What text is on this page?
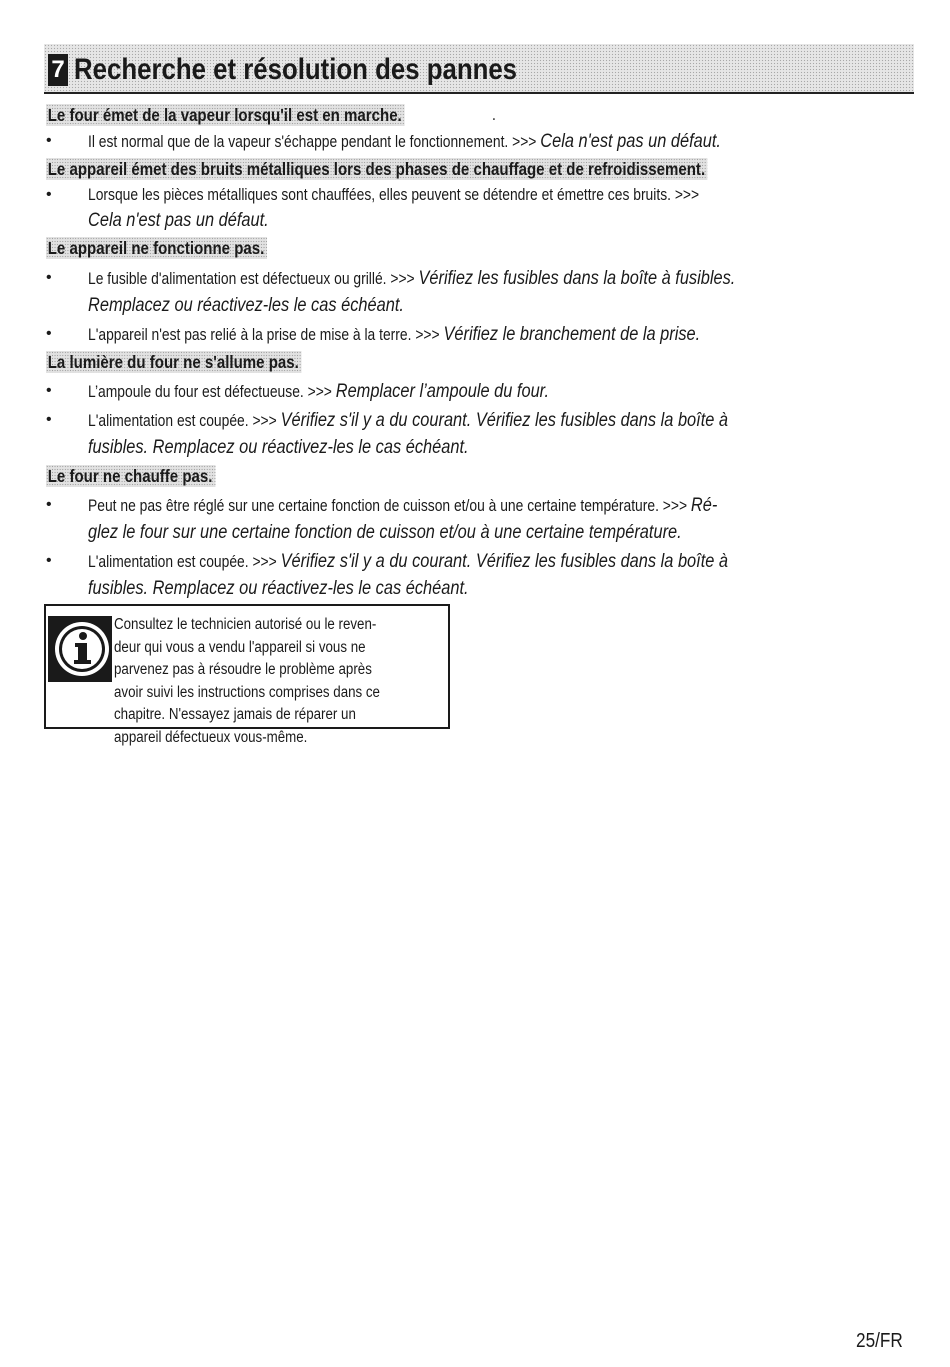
7 Recherche et résolution des pannes
Le four émet de la vapeur lorsqu'il est en marche.	.
• Il est normal que de la vapeur s'échappe pendant le fonctionnement. >>> Cela n'est pas un défaut.
Le appareil émet des bruits métalliques lors des phases de chauffage et de refroidissement.
• Lorsque les pièces métalliques sont chauffées, elles peuvent se détendre et émettre ces bruits. >>>
Cela n'est pas un défaut.
Le appareil ne fonctionne pas.
• Le fusible d'alimentation est défectueux ou grillé. >>> Vérifiez les fusibles dans la boîte à fusibles.
Remplacez ou réactivez-les le cas échéant.
• L'appareil n'est pas relié à la prise de mise à la terre. >>> Vérifiez le branchement de la prise.
La lumière du four ne s'allume pas.
• L’ampoule du four est défectueuse. >>> Remplacer l’ampoule du four.
• L'alimentation est coupée. >>> Vérifiez s'il y a du courant. Vérifiez les fusibles dans la boîte à
fusibles. Remplacez ou réactivez-les le cas échéant.
Le four ne chauffe pas.
• Peut ne pas être réglé sur une certaine fonction de cuisson et/ou à une certaine température. >>> Ré-
glez le four sur une certaine fonction de cuisson et/ou à une certaine température.
• L'alimentation est coupée. >>> Vérifiez s'il y a du courant. Vérifiez les fusibles dans la boîte à
fusibles. Remplacez ou réactivez-les le cas échéant.
Consultez le technicien autorisé ou le reven-
deur qui vous a vendu l'appareil si vous ne
parvenez pas à résoudre le problème après
avoir suivi les instructions comprises dans ce
chapitre. N'essayez jamais de réparer un
appareil défectueux vous-même.
25/FR
